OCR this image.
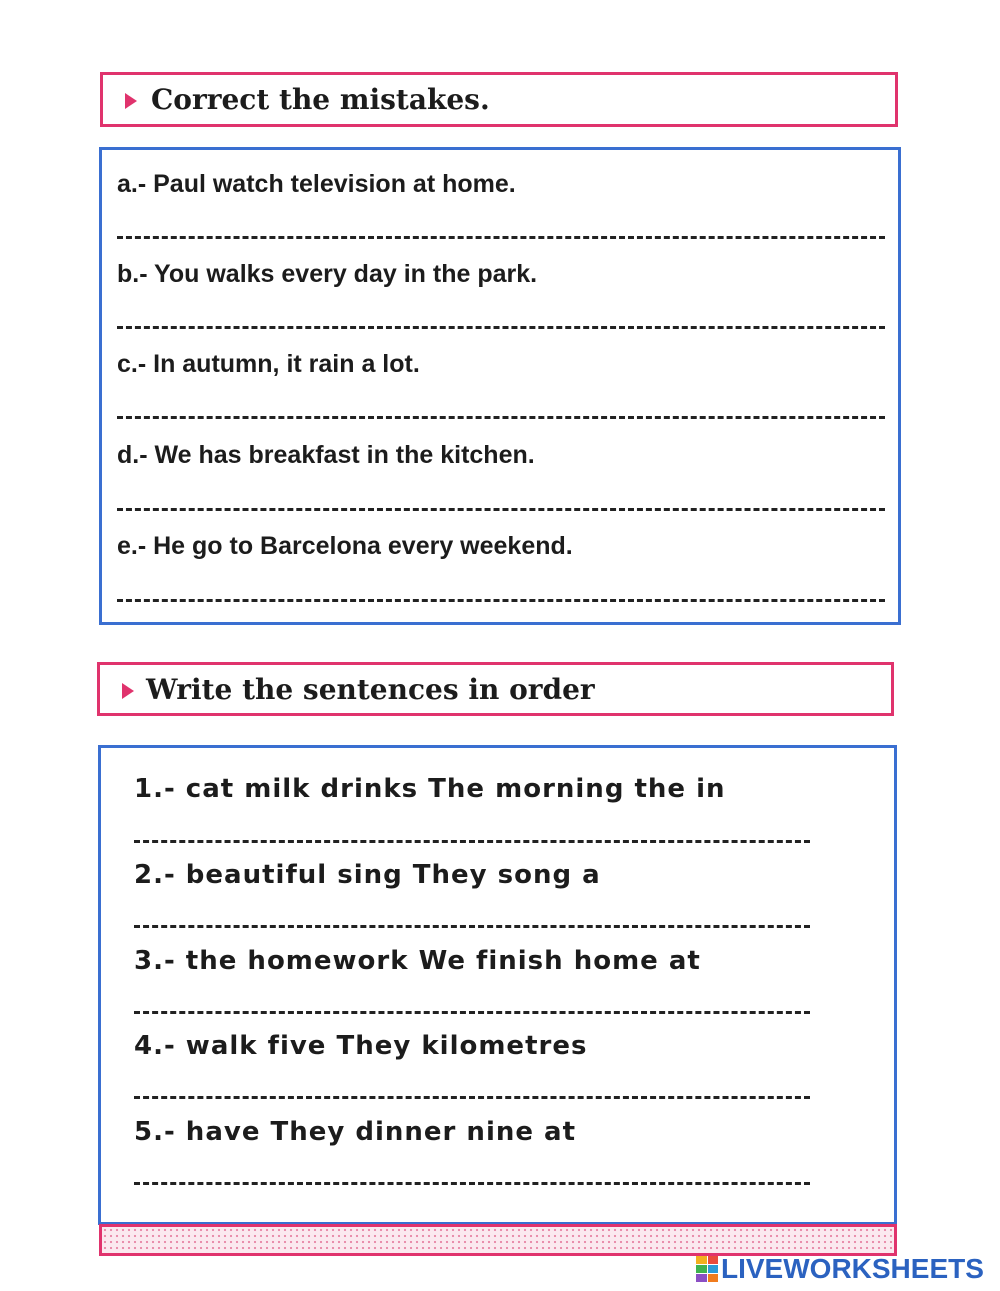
Correct the mistakes.
a.- Paul watch television at home.
b.- You walks every day in the park.
c.- In autumn, it rain a lot.
d.- We has breakfast in the kitchen.
e.- He go to Barcelona every weekend.
Write the sentences in order
1.- cat milk drinks The morning the in
2.- beautiful sing They song a
3.- the homework We finish home at
4.- walk five They kilometres
5.- have They dinner nine at
LIVEWORKSHEETS
